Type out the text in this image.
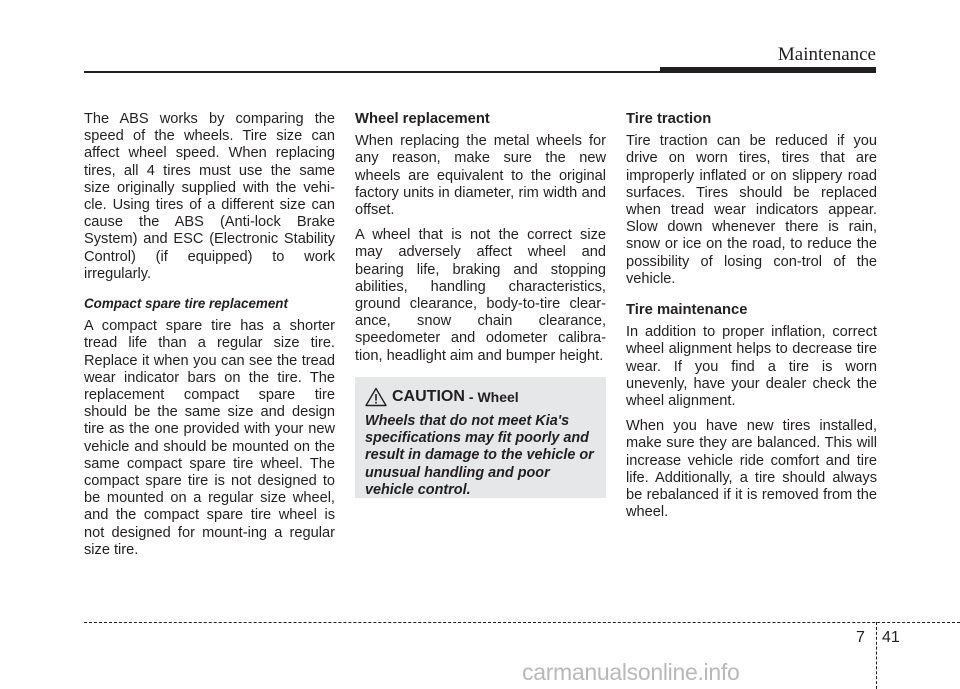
Maintenance

The ABS works by comparing the speed of the wheels. Tire size can affect wheel speed. When replacing tires, all 4 tires must use the same size originally supplied with the vehi-cle. Using tires of a different size can cause the ABS (Anti-lock Brake System) and ESC (Electronic Stability Control) (if equipped) to work irregularly.

Compact spare tire replacement

A compact spare tire has a shorter tread life than a regular size tire. Replace it when you can see the tread wear indicator bars on the tire. The replacement compact spare tire should be the same size and design tire as the one provided with your new vehicle and should be mounted on the same compact spare tire wheel. The compact spare tire is not designed to be mounted on a regular size wheel, and the compact spare tire wheel is not designed for mount-ing a regular size tire.

Wheel replacement

When replacing the metal wheels for any reason, make sure the new wheels are equivalent to the original factory units in diameter, rim width and offset.

A wheel that is not the correct size may adversely affect wheel and bearing life, braking and stopping abilities, handling characteristics, ground clearance, body-to-tire clear-ance, snow chain clearance, speedometer and odometer calibra-tion, headlight aim and bumper height.

CAUTION - Wheel
Wheels that do not meet Kia's specifications may fit poorly and result in damage to the vehicle or unusual handling and poor vehicle control.
Tire traction

Tire traction can be reduced if you drive on worn tires, tires that are improperly inflated or on slippery road surfaces. Tires should be replaced when tread wear indicators appear. Slow down whenever there is rain, snow or ice on the road, to reduce the possibility of losing con-trol of the vehicle.

Tire maintenance

In addition to proper inflation, correct wheel alignment helps to decrease tire wear. If you find a tire is worn unevenly, have your dealer check the wheel alignment.

When you have new tires installed, make sure they are balanced. This will increase vehicle ride comfort and tire life. Additionally, a tire should always be rebalanced if it is removed from the wheel.

7 41
carmanualsonline.info
